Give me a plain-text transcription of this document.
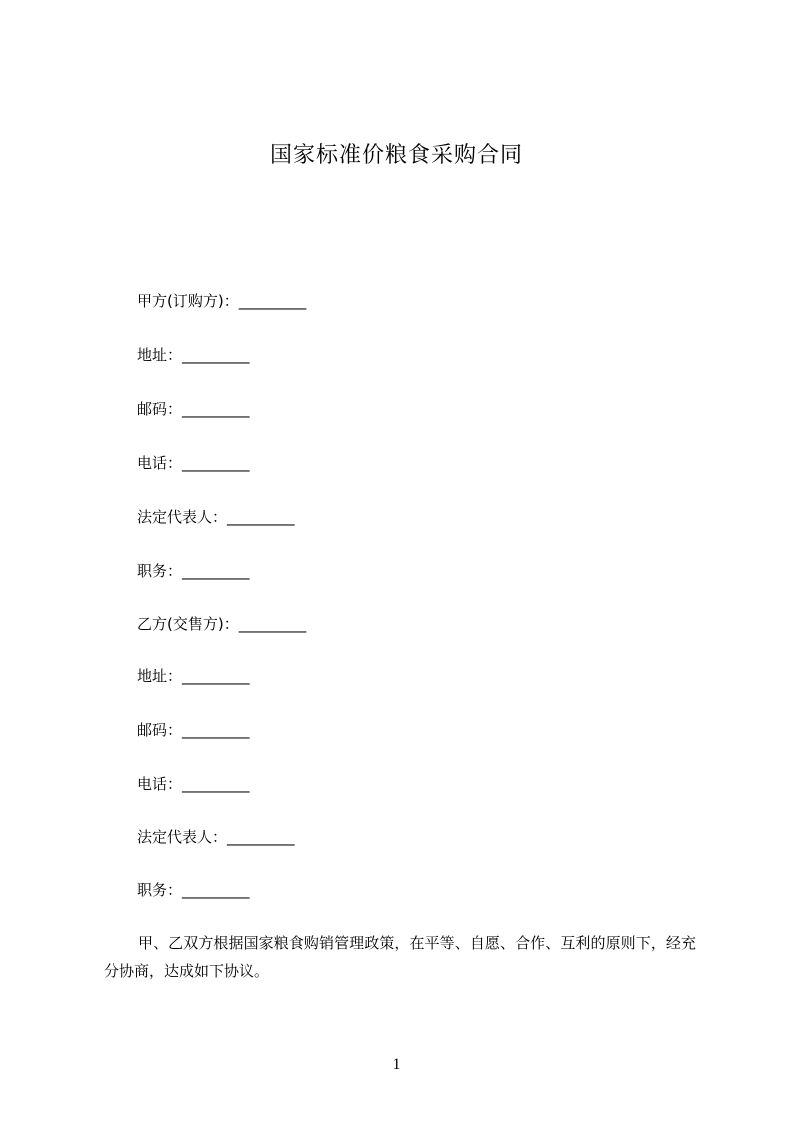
国家标准价粮食采购合同
甲方(订购方)：_________
地址：_________
邮码：_________
电话：_________
法定代表人：_________
职务：_________
乙方(交售方)：_________
地址：_________
邮码：_________
电话：_________
法定代表人：_________
职务：_________
甲、乙双方根据国家粮食购销管理政策，在平等、自愿、合作、互利的原则下，经充分协商，达成如下协议。
1
